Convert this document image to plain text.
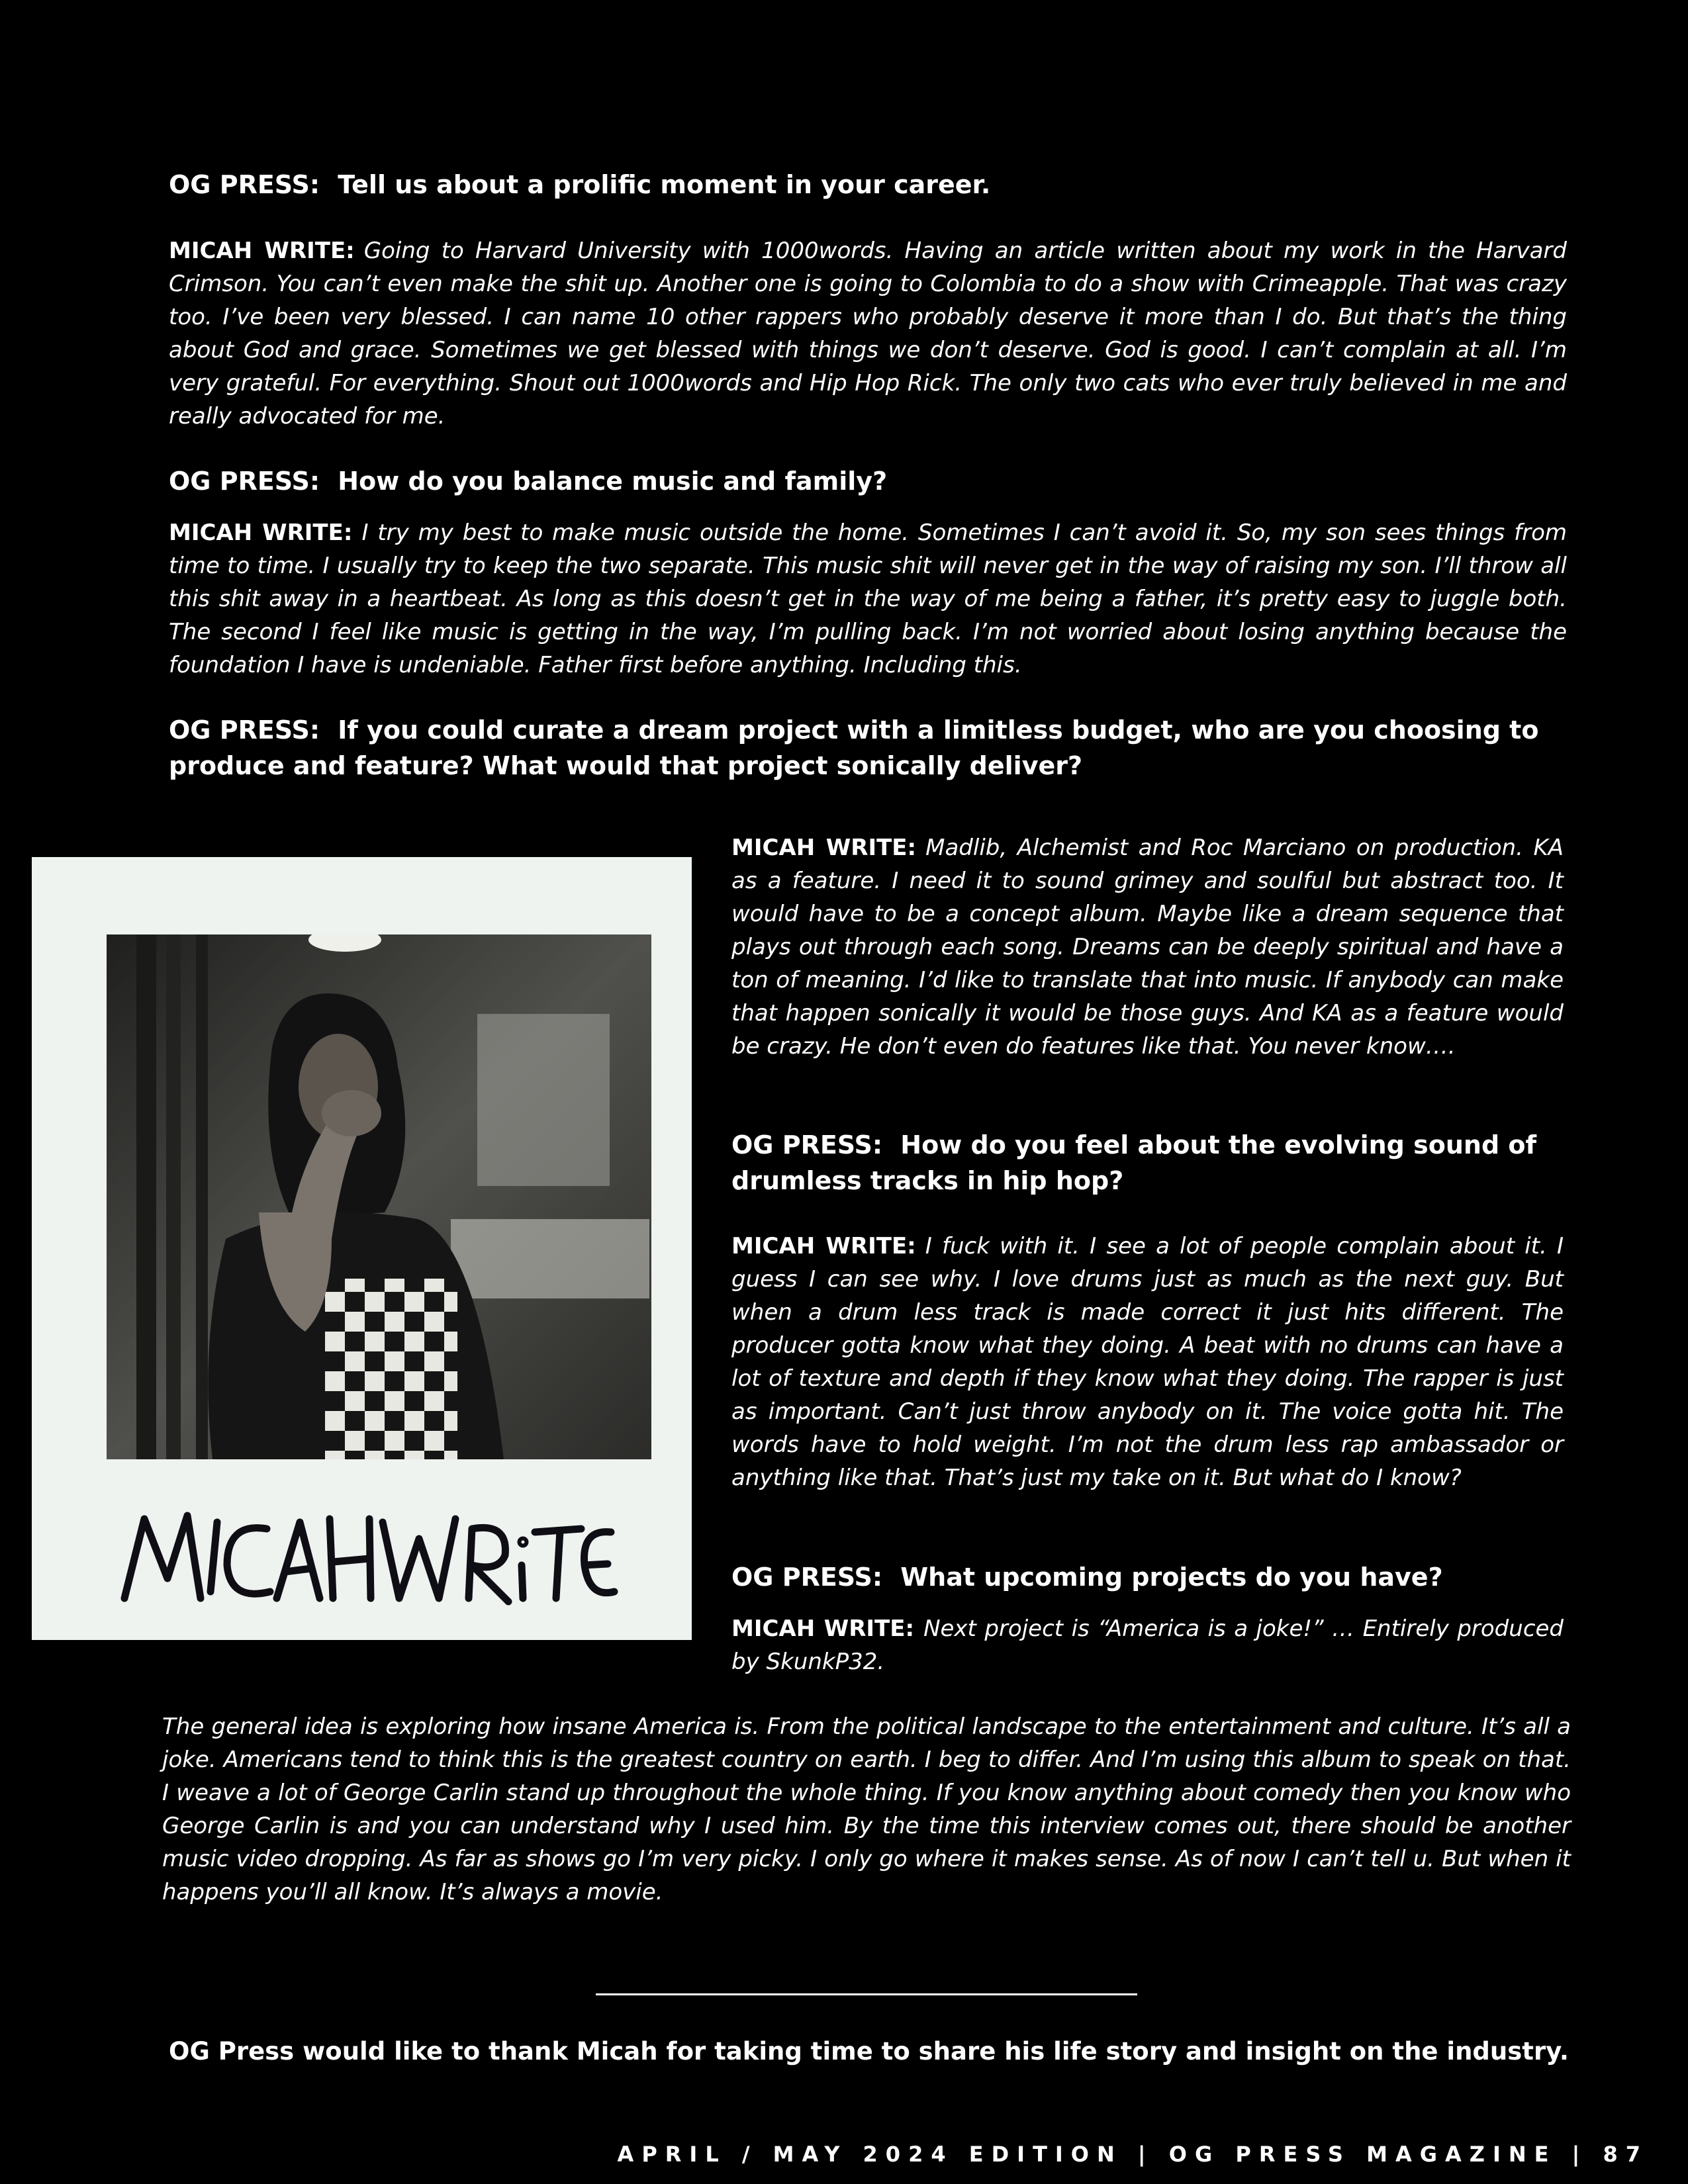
OG PRESS: Tell us about a prolific moment in your career.

MICAH WRITE: Going to Harvard University with 1000words. Having an article written about my work in the Harvard Crimson. You can’t even make the shit up. Another one is going to Colombia to do a show with Crimeapple. That was crazy too. I’ve been very blessed. I can name 10 other rappers who probably deserve it more than I do. But that’s the thing about God and grace. Sometimes we get blessed with things we don’t deserve. God is good. I can’t complain at all. I’m very grateful. For everything. Shout out 1000words and Hip Hop Rick. The only two cats who ever truly believed in me and really advocated for me.

OG PRESS: How do you balance music and family?

MICAH WRITE: I try my best to make music outside the home. Sometimes I can’t avoid it. So, my son sees things from time to time. I usually try to keep the two separate. This music shit will never get in the way of raising my son. I’ll throw all this shit away in a heartbeat. As long as this doesn’t get in the way of me being a father, it’s pretty easy to juggle both. The second I feel like music is getting in the way, I’m pulling back. I’m not worried about losing anything because the foundation I have is undeniable. Father first before anything. Including this.

OG PRESS: If you could curate a dream project with a limitless budget, who are you choosing to produce and feature? What would that project sonically deliver?

MICAH WRITE: Madlib, Alchemist and Roc Marciano on production. KA as a feature. I need it to sound grimey and soulful but abstract too. It would have to be a concept album. Maybe like a dream sequence that plays out through each song. Dreams can be deeply spiritual and have a ton of meaning. I’d like to translate that into music. If anybody can make that happen sonically it would be those guys. And KA as a feature would be crazy. He don’t even do features like that. You never know….

OG PRESS: How do you feel about the evolving sound of drumless tracks in hip hop?

MICAH WRITE: I fuck with it. I see a lot of people complain about it. I guess I can see why. I love drums just as much as the next guy. But when a drum less track is made correct it just hits different. The producer gotta know what they doing. A beat with no drums can have a lot of texture and depth if they know what they doing. The rapper is just as important. Can’t just throw anybody on it. The voice gotta hit. The words have to hold weight. I’m not the drum less rap ambassador or anything like that. That’s just my take on it. But what do I know?

OG PRESS: What upcoming projects do you have?

MICAH WRITE: Next project is “America is a joke!” … Entirely produced by SkunkP32.

The general idea is exploring how insane America is. From the political landscape to the entertainment and culture. It’s all a joke. Americans tend to think this is the greatest country on earth. I beg to differ. And I’m using this album to speak on that. I weave a lot of George Carlin stand up throughout the whole thing. If you know anything about comedy then you know who George Carlin is and you can understand why I used him. By the time this interview comes out, there should be another music video dropping. As far as shows go I’m very picky. I only go where it makes sense. As of now I can’t tell u. But when it happens you’ll all know. It’s always a movie.

OG Press would like to thank Micah for taking time to share his life story and insight on the industry.

APRIL / MAY 2024 EDITION | OG PRESS MAGAZINE | 87
